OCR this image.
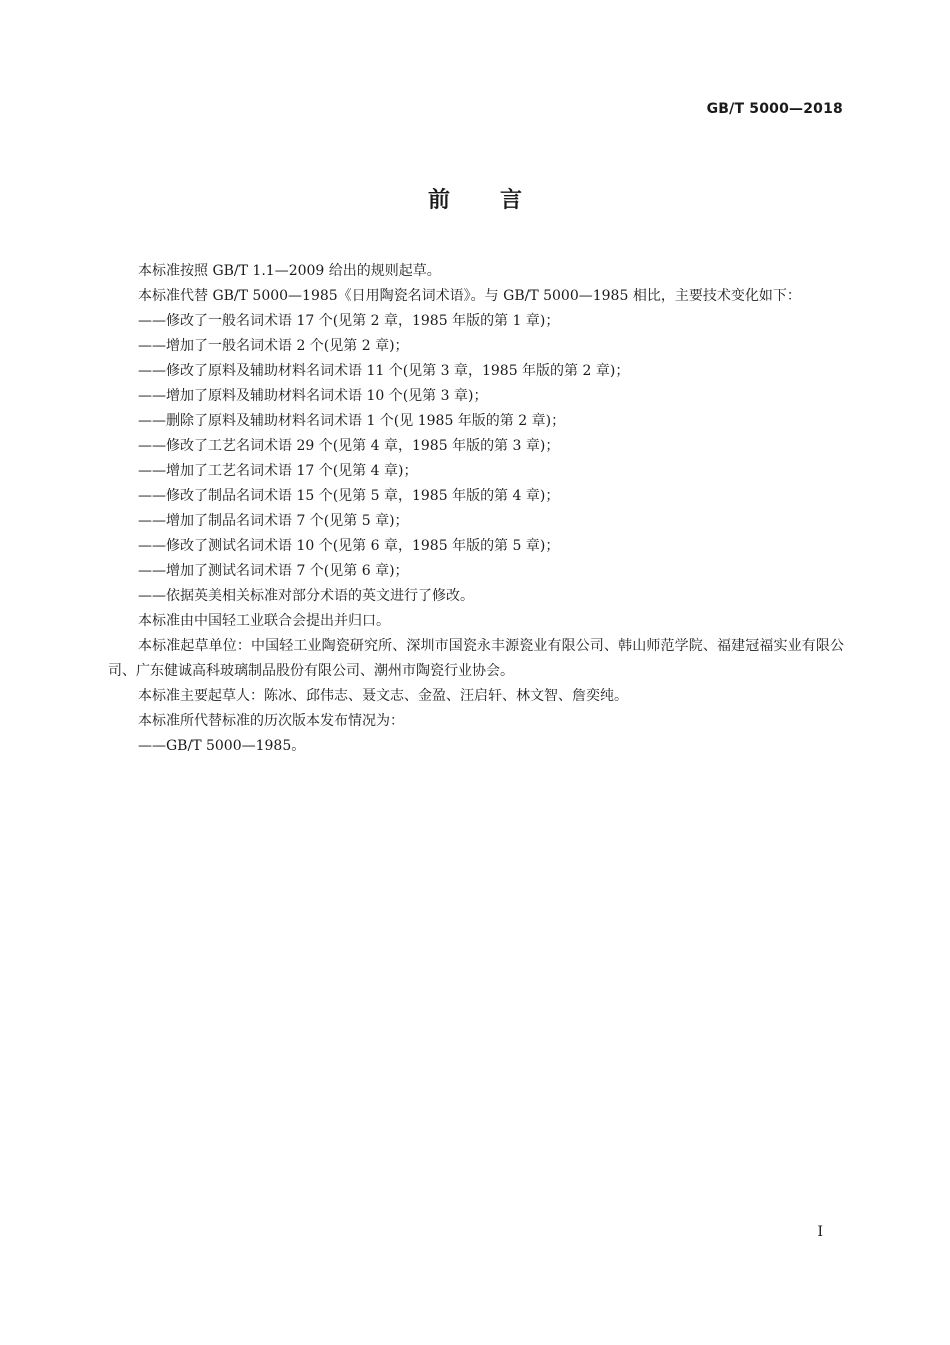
GB/T 5000—2018
前言

本标准按照 GB/T 1.1—2009 给出的规则起草。

本标准代替 GB/T 5000—1985《日用陶瓷名词术语》。与 GB/T 5000—1985 相比，主要技术变化如下：

——修改了一般名词术语 17 个(见第 2 章，1985 年版的第 1 章)；

——增加了一般名词术语 2 个(见第 2 章)；

——修改了原料及辅助材料名词术语 11 个(见第 3 章，1985 年版的第 2 章)；

——增加了原料及辅助材料名词术语 10 个(见第 3 章)；

——删除了原料及辅助材料名词术语 1 个(见 1985 年版的第 2 章)；

——修改了工艺名词术语 29 个(见第 4 章，1985 年版的第 3 章)；

——增加了工艺名词术语 17 个(见第 4 章)；

——修改了制品名词术语 15 个(见第 5 章，1985 年版的第 4 章)；

——增加了制品名词术语 7 个(见第 5 章)；

——修改了测试名词术语 10 个(见第 6 章，1985 年版的第 5 章)；

——增加了测试名词术语 7 个(见第 6 章)；

——依据英美相关标准对部分术语的英文进行了修改。

本标准由中国轻工业联合会提出并归口。

本标准起草单位：中国轻工业陶瓷研究所、深圳市国瓷永丰源瓷业有限公司、韩山师范学院、福建冠福实业有限公司、广东健诚高科玻璃制品股份有限公司、潮州市陶瓷行业协会。

本标准主要起草人：陈冰、邱伟志、聂文志、金盈、汪启轩、林文智、詹奕纯。

本标准所代替标准的历次版本发布情况为：

——GB/T 5000—1985。

I
